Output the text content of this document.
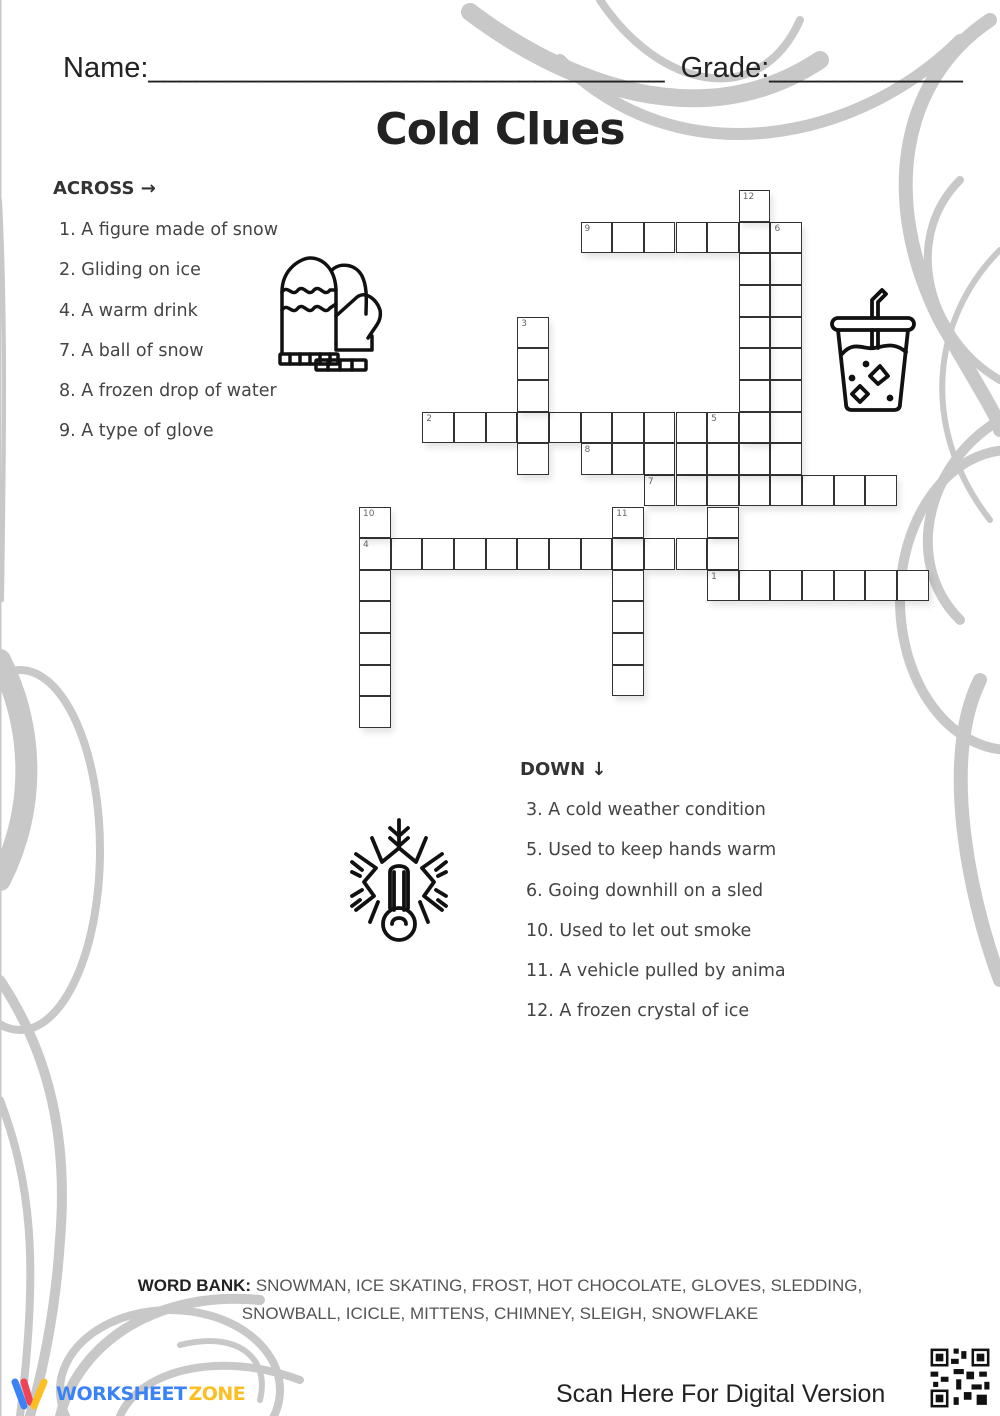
Name:________________________________ Grade:____________
Cold Clues
ACROSS →
1. A figure made of snow
2. Gliding on ice
4. A warm drink
7. A ball of snow
8. A frozen drop of water
9. A type of glove
1
2	5
4
7
8
9	6
3
10	11
12
DOWN ↓
3. A cold weather condition
5. Used to keep hands warm
6. Going downhill on a sled
10. Used to let out smoke
11. A vehicle pulled by anima
12. A frozen crystal of ice
WORD BANK: SNOWMAN, ICE SKATING, FROST, HOT CHOCOLATE, GLOVES, SLEDDING,
SNOWBALL, ICICLE, MITTENS, CHIMNEY, SLEIGH, SNOWFLAKE
WORKSHEET ZONE	Scan Here For Digital Version
